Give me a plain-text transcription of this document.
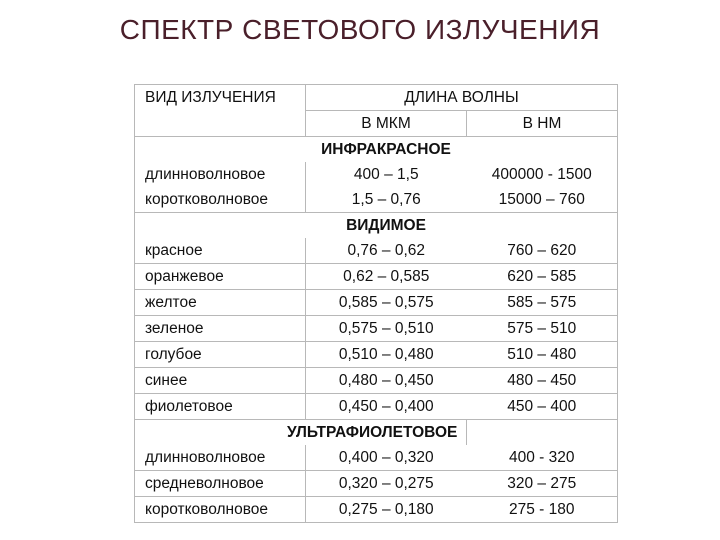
СПЕКТР СВЕТОВОГО ИЗЛУЧЕНИЯ
ВИД ИЗЛУЧЕНИЯ	ДЛИНА ВОЛНЫ	
	В МКМ	В НМ
	ИНФРАКРАСНОЕ	
длинноволновое	400 – 1,5	400000 - 1500
коротковолновое	1,5 – 0,76	15000 – 760
	ВИДИМОЕ	
красное	0,76 – 0,62	760 – 620
оранжевое	0,62 – 0,585	620 – 585
желтое	0,585 – 0,575	585 – 575
зеленое	0,575 – 0,510	575 – 510
голубое	0,510 – 0,480	510 – 480
синее	0,480 – 0,450	480 – 450
фиолетовое	0,450 – 0,400	450 – 400
УЛЬТРАФИОЛЕТОВОЕ		
длинноволновое	0,400 – 0,320	400 - 320
средневолновое	0,320 – 0,275	320 – 275
коротковолновое	0,275 – 0,180	275 - 180
